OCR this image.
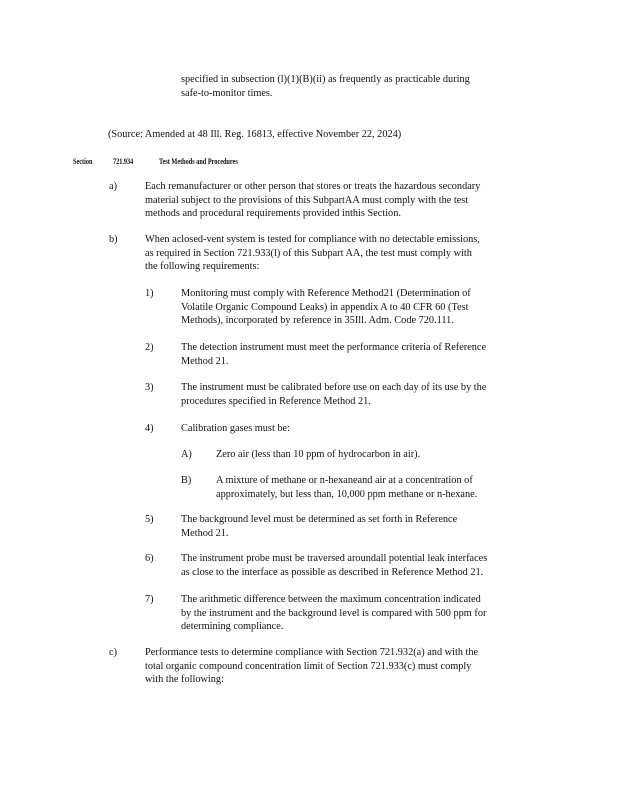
specified in subsection (l)(1)(B)(ii) as frequently as practicable during

safe-to-monitor times.

(Source: Amended at 48 Ill. Reg. 16813, effective November 22, 2024)

Section	721.934	Test Methods and Procedures
a)	Each remanufacturer or other person that stores or treats the hazardous secondary

material subject to the provisions of this SubpartAA must comply with the test

methods and procedural requirements provided inthis Section.

b)	When aclosed-vent system is tested for compliance with no detectable emissions,

as required in Section 721.933(l) of this Subpart AA, the test must comply with

the following requirements:

1)	Monitoring must comply with Reference Method21 (Determination of

Volatile Organic Compound Leaks) in appendix A to 40 CFR 60 (Test

Methods), incorporated by reference in 35Ill. Adm. Code 720.111.

2)	The detection instrument must meet the performance criteria of Reference

Method 21.

3)	The instrument must be calibrated before use on each day of its use by the

procedures specified in Reference Method 21.

4)	Calibration gases must be:

A) Zero air (less than 10 ppm of hydrocarbon in air).

B) A mixture of methane or n-hexaneand air at a concentration of

approximately, but less than, 10,000 ppm methane or n-hexane.

5)	The background level must be determined as set forth in Reference

Method 21.

6)	The instrument probe must be traversed aroundall potential leak interfaces

as close to the interface as possible as described in Reference Method 21.

7)	The arithmetic difference between the maximum concentration indicated

by the instrument and the background level is compared with 500 ppm for

determining compliance.

c)	Performance tests to determine compliance with Section 721.932(a) and with the

total organic compound concentration limit of Section 721.933(c) must comply

with the following:
